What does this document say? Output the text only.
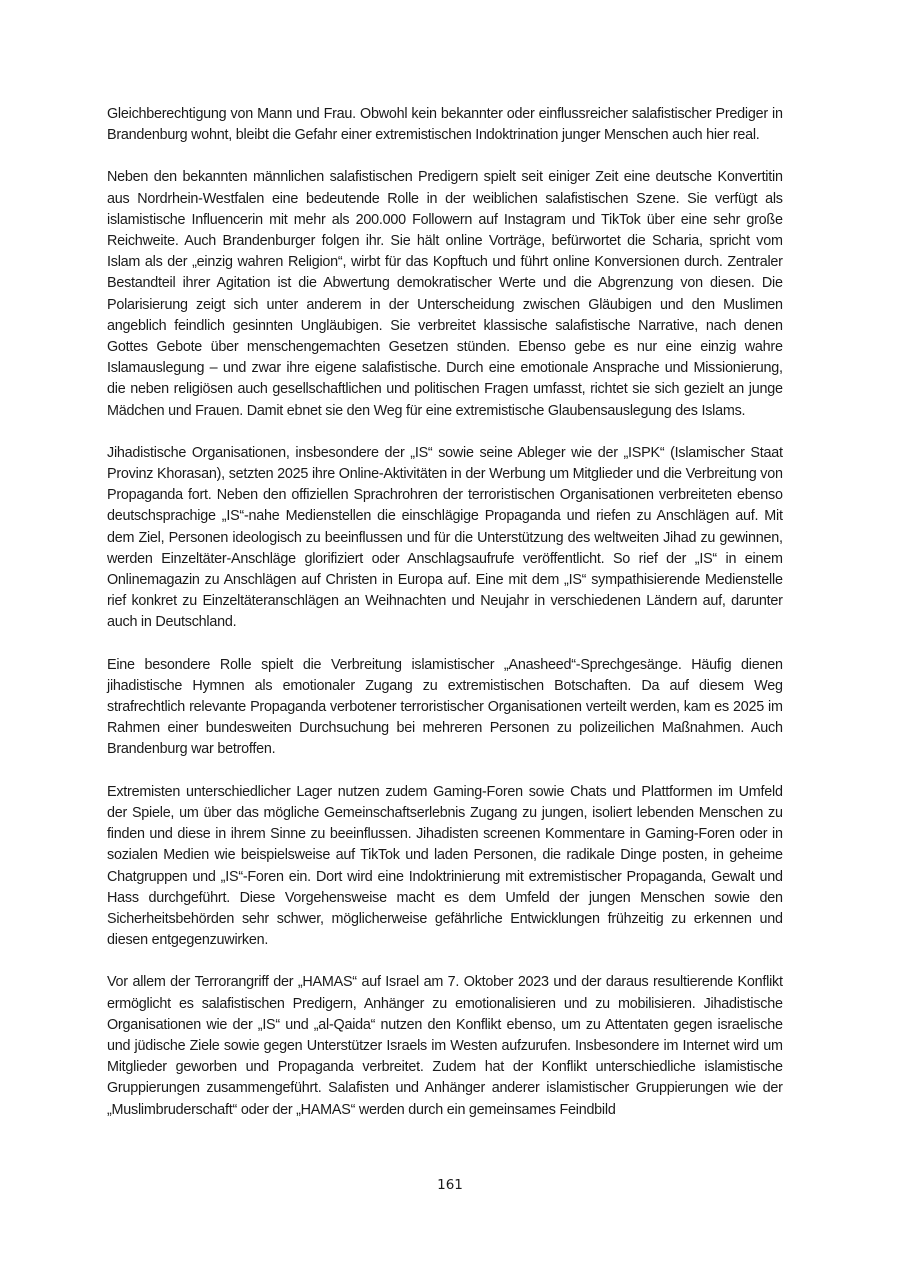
Gleichberechtigung von Mann und Frau. Obwohl kein bekannter oder einflussreicher salafistischer Prediger in Brandenburg wohnt, bleibt die Gefahr einer extremistischen Indoktrination junger Menschen auch hier real.

Neben den bekannten männlichen salafistischen Predigern spielt seit einiger Zeit eine deutsche Konvertitin aus Nordrhein-Westfalen eine bedeutende Rolle in der weiblichen salafistischen Szene. Sie verfügt als islamistische Influencerin mit mehr als 200.000 Followern auf Instagram und TikTok über eine sehr große Reichweite. Auch Brandenburger folgen ihr. Sie hält online Vorträge, befürwortet die Scharia, spricht vom Islam als der „einzig wahren Religion“, wirbt für das Kopftuch und führt online Konversionen durch. Zentraler Bestandteil ihrer Agitation ist die Abwertung demokratischer Werte und die Abgrenzung von diesen. Die Polarisierung zeigt sich unter anderem in der Unterscheidung zwischen Gläubigen und den Muslimen angeblich feindlich gesinnten Ungläubigen. Sie verbreitet klassische salafistische Narrative, nach denen Gottes Gebote über menschengemachten Gesetzen stünden. Ebenso gebe es nur eine einzig wahre Islamauslegung – und zwar ihre eigene salafistische. Durch eine emotionale Ansprache und Missionierung, die neben religiösen auch gesellschaftlichen und politischen Fragen umfasst, richtet sie sich gezielt an junge Mädchen und Frauen. Damit ebnet sie den Weg für eine extremistische Glaubensauslegung des Islams.

Jihadistische Organisationen, insbesondere der „IS“ sowie seine Ableger wie der „ISPK“ (Islamischer Staat Provinz Khorasan), setzten 2025 ihre Online-Aktivitäten in der Werbung um Mitglieder und die Verbreitung von Propaganda fort. Neben den offiziellen Sprachrohren der terroristischen Organisationen verbreiteten ebenso deutschsprachige „IS“-nahe Medienstellen die einschlägige Propaganda und riefen zu Anschlägen auf. Mit dem Ziel, Personen ideologisch zu beeinflussen und für die Unterstützung des weltweiten Jihad zu gewinnen, werden Einzeltäter-Anschläge glorifiziert oder Anschlagsaufrufe veröffentlicht. So rief der „IS“ in einem Onlinemagazin zu Anschlägen auf Christen in Europa auf. Eine mit dem „IS“ sympathisierende Medienstelle rief konkret zu Einzeltäteranschlägen an Weihnachten und Neujahr in verschiedenen Ländern auf, darunter auch in Deutschland.

Eine besondere Rolle spielt die Verbreitung islamistischer „Anasheed“-Sprechgesänge. Häufig dienen jihadistische Hymnen als emotionaler Zugang zu extremistischen Botschaften. Da auf diesem Weg strafrechtlich relevante Propaganda verbotener terroristischer Organisationen verteilt werden, kam es 2025 im Rahmen einer bundesweiten Durchsuchung bei mehreren Personen zu polizeilichen Maßnahmen. Auch Brandenburg war betroffen.

Extremisten unterschiedlicher Lager nutzen zudem Gaming-Foren sowie Chats und Plattformen im Umfeld der Spiele, um über das mögliche Gemeinschaftserlebnis Zugang zu jungen, isoliert lebenden Menschen zu finden und diese in ihrem Sinne zu beeinflussen. Jihadisten screenen Kommentare in Gaming-Foren oder in sozialen Medien wie beispielsweise auf TikTok und laden Personen, die radikale Dinge posten, in geheime Chatgruppen und „IS“-Foren ein. Dort wird eine Indoktrinierung mit extremistischer Propaganda, Gewalt und Hass durchgeführt. Diese Vorgehensweise macht es dem Umfeld der jungen Menschen sowie den Sicherheitsbehörden sehr schwer, möglicherweise gefährliche Entwicklungen frühzeitig zu erkennen und diesen entgegenzuwirken.

Vor allem der Terrorangriff der „HAMAS“ auf Israel am 7. Oktober 2023 und der daraus resultierende Konflikt ermöglicht es salafistischen Predigern, Anhänger zu emotionalisieren und zu mobilisieren. Jihadistische Organisationen wie der „IS“ und „al-Qaida“ nutzen den Konflikt ebenso, um zu Attentaten gegen israelische und jüdische Ziele sowie gegen Unterstützer Israels im Westen aufzurufen. Insbesondere im Internet wird um Mitglieder geworben und Propaganda verbreitet. Zudem hat der Konflikt unterschiedliche islamistische Gruppierungen zusammengeführt. Salafisten und Anhänger anderer islamistischer Gruppierungen wie der „Muslimbruderschaft“ oder der „HAMAS“ werden durch ein gemeinsames Feindbild

161
